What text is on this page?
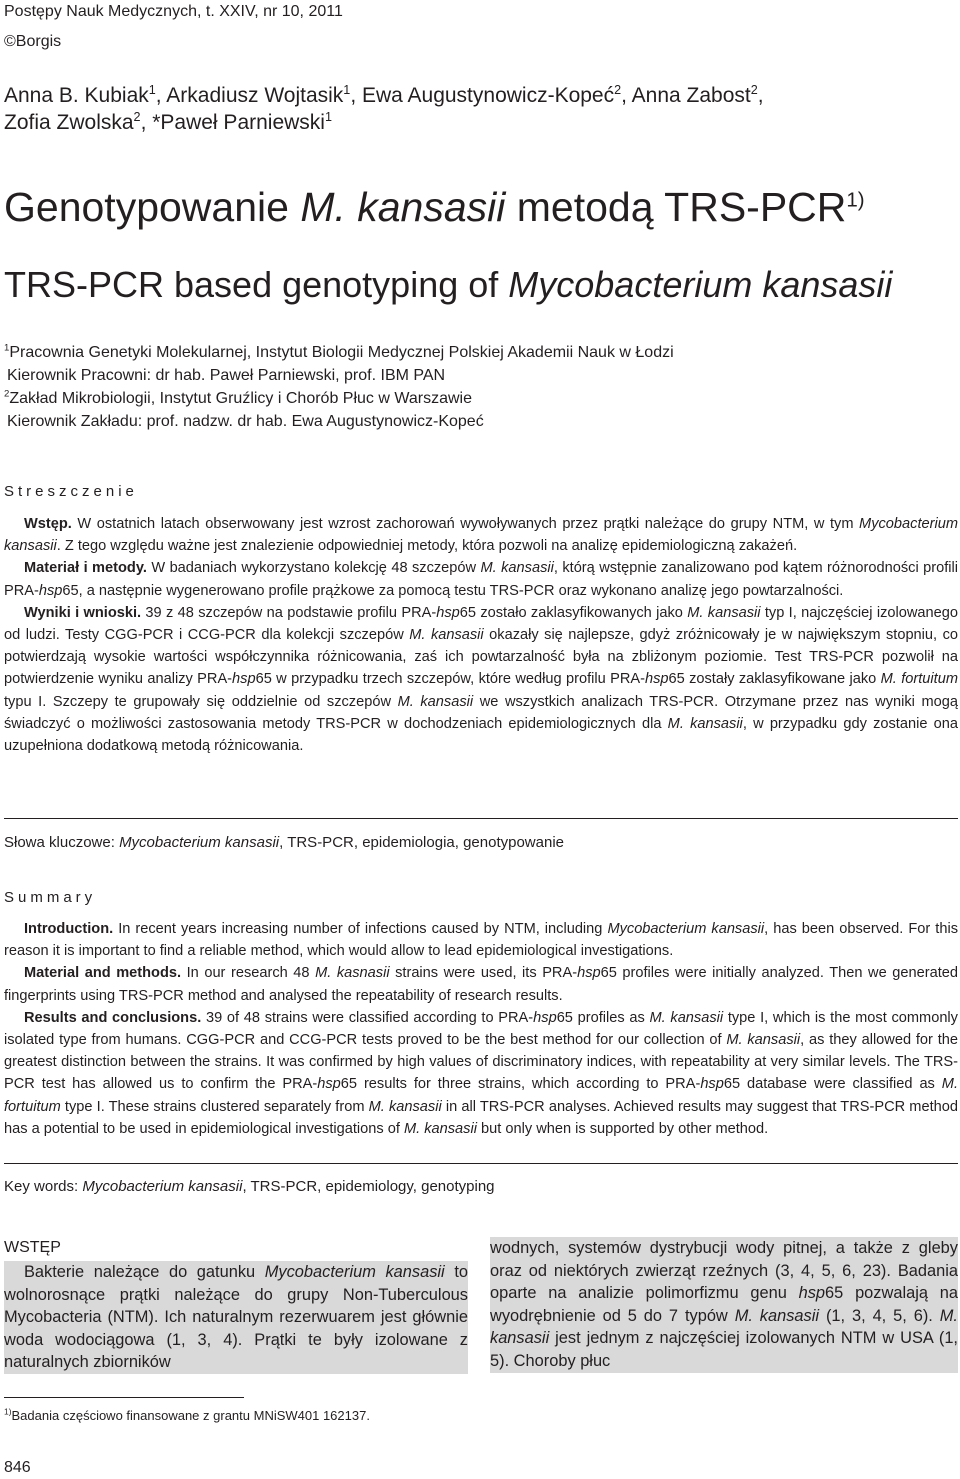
Postępy Nauk Medycznych, t. XXIV, nr 10, 2011
©Borgis
Anna B. Kubiak$^1$, Arkadiusz Wojtasik$^1$, Ewa Augustynowicz-Kopeć$^2$, Anna Zabost$^2$,
Zofia Zwolska$^2$, *Paweł Parniewski$^1$
Genotypowanie M. kansasii metodą TRS-PCR$^{1)}$
TRS-PCR based genotyping of Mycobacterium kansasii
$^1$Pracownia Genetyki Molekularnej, Instytut Biologii Medycznej Polskiej Akademii Nauk w Łodzi
Kierownik Pracowni: dr hab. Paweł Parniewski, prof. IBM PAN
$^2$Zakład Mikrobiologii, Instytut Gruźlicy i Chorób Płuc w Warszawie
Kierownik Zakładu: prof. nadzw. dr hab. Ewa Augustynowicz-Kopeć
Streszczenie

Wstęp. W ostatnich latach obserwowany jest wzrost zachorowań wywoływanych przez prątki należące do grupy NTM, w tym Mycobacterium kansasii. Z tego względu ważne jest znalezienie odpowiedniej metody, która pozwoli na analizę epidemiologiczną zakażeń.

Materiał i metody. W badaniach wykorzystano kolekcję 48 szczepów M. kansasii, którą wstępnie zanalizowano pod kątem różnorodności profili PRA-hsp65, a następnie wygenerowano profile prążkowe za pomocą testu TRS-PCR oraz wykonano analizę jego powtarzalności.

Wyniki i wnioski. 39 z 48 szczepów na podstawie profilu PRA-hsp65 zostało zaklasyfikowanych jako M. kansasii typ I, najczęściej izolowanego od ludzi. Testy CGG-PCR i CCG-PCR dla kolekcji szczepów M. kansasii okazały się najlepsze, gdyż zróżnicowały je w największym stopniu, co potwierdzają wysokie wartości współczynnika różnicowania, zaś ich powtarzalność była na zbliżonym poziomie. Test TRS-PCR pozwolił na potwierdzenie wyniku analizy PRA-hsp65 w przypadku trzech szczepów, które według profilu PRA-hsp65 zostały zaklasyfikowane jako M. fortuitum typu I. Szczepy te grupowały się oddzielnie od szczepów M. kansasii we wszystkich analizach TRS-PCR. Otrzymane przez nas wyniki mogą świadczyć o możliwości zastosowania metody TRS-PCR w dochodzeniach epidemiologicznych dla M. kansasii, w przypadku gdy zostanie ona uzupełniona dodatkową metodą różnicowania.

Słowa kluczowe: Mycobacterium kansasii, TRS-PCR, epidemiologia, genotypowanie
Summary

Introduction. In recent years increasing number of infections caused by NTM, including Mycobacterium kansasii, has been observed. For this reason it is important to find a reliable method, which would allow to lead epidemiological investigations.

Material and methods. In our research 48 M. kasnasii strains were used, its PRA-hsp65 profiles were initially analyzed. Then we generated fingerprints using TRS-PCR method and analysed the repeatability of research results.

Results and conclusions. 39 of 48 strains were classified according to PRA-hsp65 profiles as M. kansasii type I, which is the most commonly isolated type from humans. CGG-PCR and CCG-PCR tests proved to be the best method for our collection of M. kansasii, as they allowed for the greatest distinction between the strains. It was confirmed by high values of discriminatory indices, with repeatability at very similar levels. The TRS-PCR test has allowed us to confirm the PRA-hsp65 results for three strains, which according to PRA-hsp65 database were classified as M. fortuitum type I. These strains clustered separately from M. kansasii in all TRS-PCR analyses. Achieved results may suggest that TRS-PCR method has a potential to be used in epidemiological investigations of M. kansasii but only when is supported by other method.

Key words: Mycobacterium kansasii, TRS-PCR, epidemiology, genotyping
WSTĘP

Bakterie należące do gatunku Mycobacterium kansasii to wolnorosnące prątki należące do grupy Non-Tuberculous Mycobacteria (NTM). Ich naturalnym rezerwuarem jest głównie woda wodociągowa (1, 3, 4). Prątki te były izolowane z naturalnych zbiorników

wodnych, systemów dystrybucji wody pitnej, a także z gleby oraz od niektórych zwierząt rzeźnych (3, 4, 5, 6, 23). Badania oparte na analizie polimorfizmu genu hsp65 pozwalają na wyodrębnienie od 5 do 7 typów M. kansasii (1, 3, 4, 5, 6). M. kansasii jest jednym z najczęściej izolowanych NTM w USA (1, 5). Choroby płuc

$^{1)}$Badania częściowo finansowane z grantu MNiSW401 162137.
846
